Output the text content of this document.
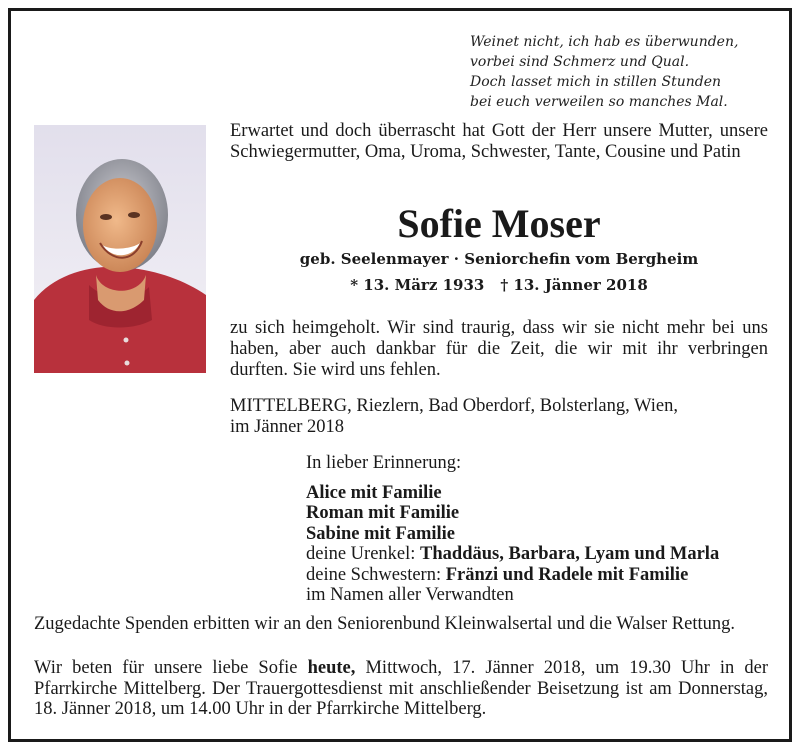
Weinet nicht, ich hab es überwunden,
vorbei sind Schmerz und Qual.
Doch lasset mich in stillen Stunden
bei euch verweilen so manches Mal.
Erwartet und doch überrascht hat Gott der Herr unsere Mutter, unsere Schwiegermutter, Oma, Uroma, Schwester, Tante, Cousine und Patin
Sofie Moser
geb. Seelenmayer · Seniorchefin vom Bergheim
* 13. März 1933 † 13. Jänner 2018
zu sich heimgeholt. Wir sind traurig, dass wir sie nicht mehr bei uns haben, aber auch dankbar für die Zeit, die wir mit ihr verbringen durften. Sie wird uns fehlen.
MITTELBERG, Riezlern, Bad Oberdorf, Bolsterlang, Wien,
im Jänner 2018
In lieber Erinnerung:
Alice mit Familie
Roman mit Familie
Sabine mit Familie
deine Urenkel: Thaddäus, Barbara, Lyam und Marla
deine Schwestern: Fränzi und Radele mit Familie
im Namen aller Verwandten
Zugedachte Spenden erbitten wir an den Seniorenbund Kleinwalsertal und die Walser Rettung.
Wir beten für unsere liebe Sofie heute, Mittwoch, 17. Jänner 2018, um 19.30 Uhr in der Pfarrkirche Mittelberg. Der Trauergottesdienst mit anschließender Beisetzung ist am Donnerstag, 18. Jänner 2018, um 14.00 Uhr in der Pfarrkirche Mittelberg.
